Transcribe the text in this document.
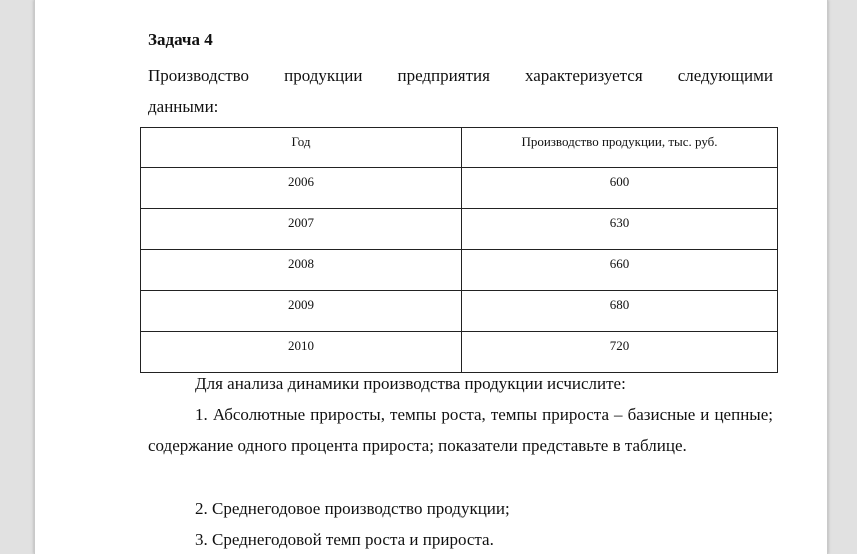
Задача 4
Производство продукции предприятия характеризуется следующими
данными:
Год	Производство продукции, тыс. руб.
2006	600
2007	630
2008	660
2009	680
2010	720
Для анализа динамики производства продукции исчислите:
1. Абсолютные приросты, темпы роста, темпы прироста – базисные и цепные; содержание одного процента прироста; показатели представьте в таблице.
2. Среднегодовое производство продукции;
3. Среднегодовой темп роста и прироста.
